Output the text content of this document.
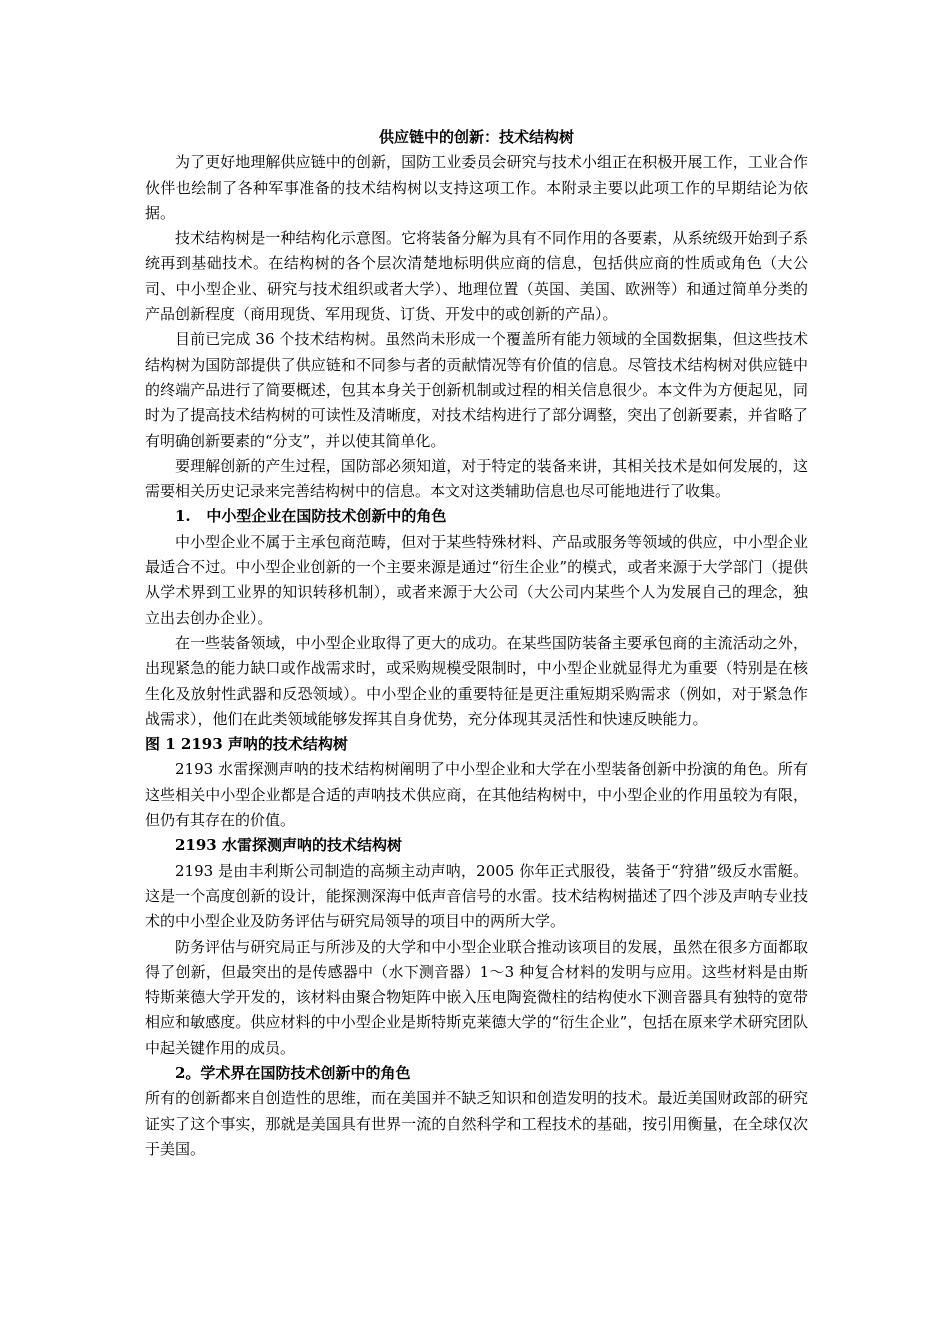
供应链中的创新：技术结构树

为了更好地理解供应链中的创新，国防工业委员会研究与技术小组正在积极开展工作，工业合作伙伴也绘制了各种军事准备的技术结构树以支持这项工作。本附录主要以此项工作的早期结论为依据。

技术结构树是一种结构化示意图。它将装备分解为具有不同作用的各要素，从系统级开始到子系统再到基础技术。在结构树的各个层次清楚地标明供应商的信息，包括供应商的性质或角色（大公司、中小型企业、研究与技术组织或者大学）、地理位置（英国、美国、欧洲等）和通过简单分类的产品创新程度（商用现货、军用现货、订货、开发中的或创新的产品）。

目前已完成 36 个技术结构树。虽然尚未形成一个覆盖所有能力领域的全国数据集，但这些技术结构树为国防部提供了供应链和不同参与者的贡献情况等有价值的信息。尽管技术结构树对供应链中的终端产品进行了简要概述，包其本身关于创新机制或过程的相关信息很少。本文件为方便起见，同时为了提高技术结构树的可读性及清晰度，对技术结构进行了部分调整，突出了创新要素，并省略了有明确创新要素的“分支”，并以使其简单化。

要理解创新的产生过程，国防部必须知道，对于特定的装备来讲，其相关技术是如何发展的，这需要相关历史记录来完善结构树中的信息。本文对这类辅助信息也尽可能地进行了收集。

1.   中小型企业在国防技术创新中的角色

中小型企业不属于主承包商范畴，但对于某些特殊材料、产品或服务等领域的供应，中小型企业最适合不过。中小型企业创新的一个主要来源是通过“衍生企业”的模式，或者来源于大学部门（提供从学术界到工业界的知识转移机制），或者来源于大公司（大公司内某些个人为发展自己的理念，独立出去创办企业）。

在一些装备领域，中小型企业取得了更大的成功。在某些国防装备主要承包商的主流活动之外，出现紧急的能力缺口或作战需求时，或采购规模受限制时，中小型企业就显得尤为重要（特别是在核生化及放射性武器和反恐领域）。中小型企业的重要特征是更注重短期采购需求（例如，对于紧急作战需求），他们在此类领域能够发挥其自身优势，充分体现其灵活性和快速反映能力。

图 1 2193 声呐的技术结构树

2193 水雷探测声呐的技术结构树阐明了中小型企业和大学在小型装备创新中扮演的角色。所有这些相关中小型企业都是合适的声呐技术供应商，在其他结构树中，中小型企业的作用虽较为有限，但仍有其存在的价值。

2193 水雷探测声呐的技术结构树

2193 是由丰利斯公司制造的高频主动声呐，2005 你年正式服役，装备于“狩猎”级反水雷艇。这是一个高度创新的设计，能探测深海中低声音信号的水雷。技术结构树描述了四个涉及声呐专业技术的中小型企业及防务评估与研究局领导的项目中的两所大学。

防务评估与研究局正与所涉及的大学和中小型企业联合推动该项目的发展，虽然在很多方面都取得了创新，但最突出的是传感器中（水下测音器）1～3 种复合材料的发明与应用。这些材料是由斯特斯莱德大学开发的，该材料由聚合物矩阵中嵌入压电陶瓷微柱的结构使水下测音器具有独特的宽带相应和敏感度。供应材料的中小型企业是斯特斯克莱德大学的“衍生企业”，包括在原来学术研究团队中起关键作用的成员。

2。学术界在国防技术创新中的角色

所有的创新都来自创造性的思维，而在美国并不缺乏知识和创造发明的技术。最近美国财政部的研究证实了这个事实，那就是美国具有世界一流的自然科学和工程技术的基础，按引用衡量，在全球仅次于美国。
